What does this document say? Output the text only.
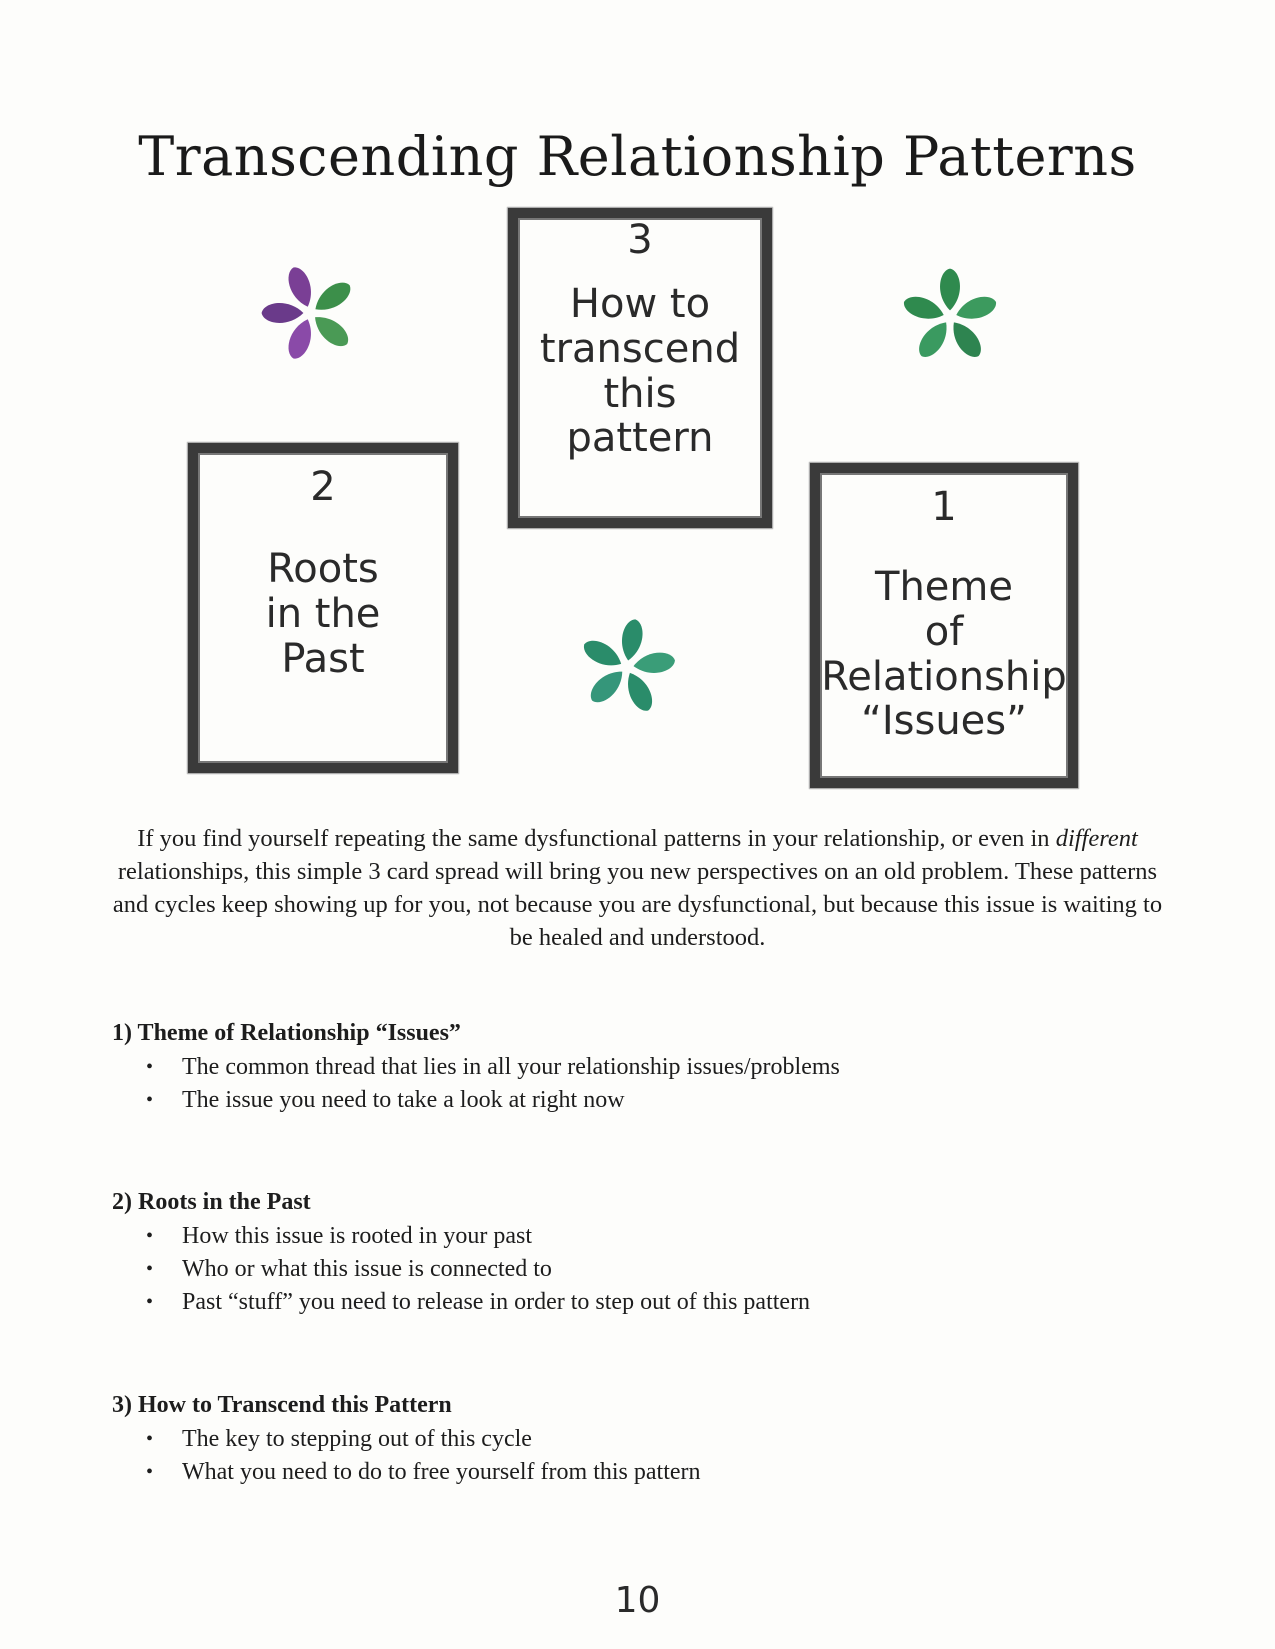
Transcending Relationship Patterns
3
How to
transcend
this
pattern
2
Roots
in the
Past
1
Theme
of
Relationship
“Issues”
If you find yourself repeating the same dysfunctional patterns in your relationship, or even in different relationships, this simple 3 card spread will bring you new perspectives on an old problem. These patterns and cycles keep showing up for you, not because you are dysfunctional, but because this issue is waiting to be healed and understood.
1) Theme of Relationship “Issues”
• The common thread that lies in all your relationship issues/problems
• The issue you need to take a look at right now
2) Roots in the Past
• How this issue is rooted in your past
• Who or what this issue is connected to
• Past “stuff” you need to release in order to step out of this pattern
3) How to Transcend this Pattern
• The key to stepping out of this cycle
• What you need to do to free yourself from this pattern
10
